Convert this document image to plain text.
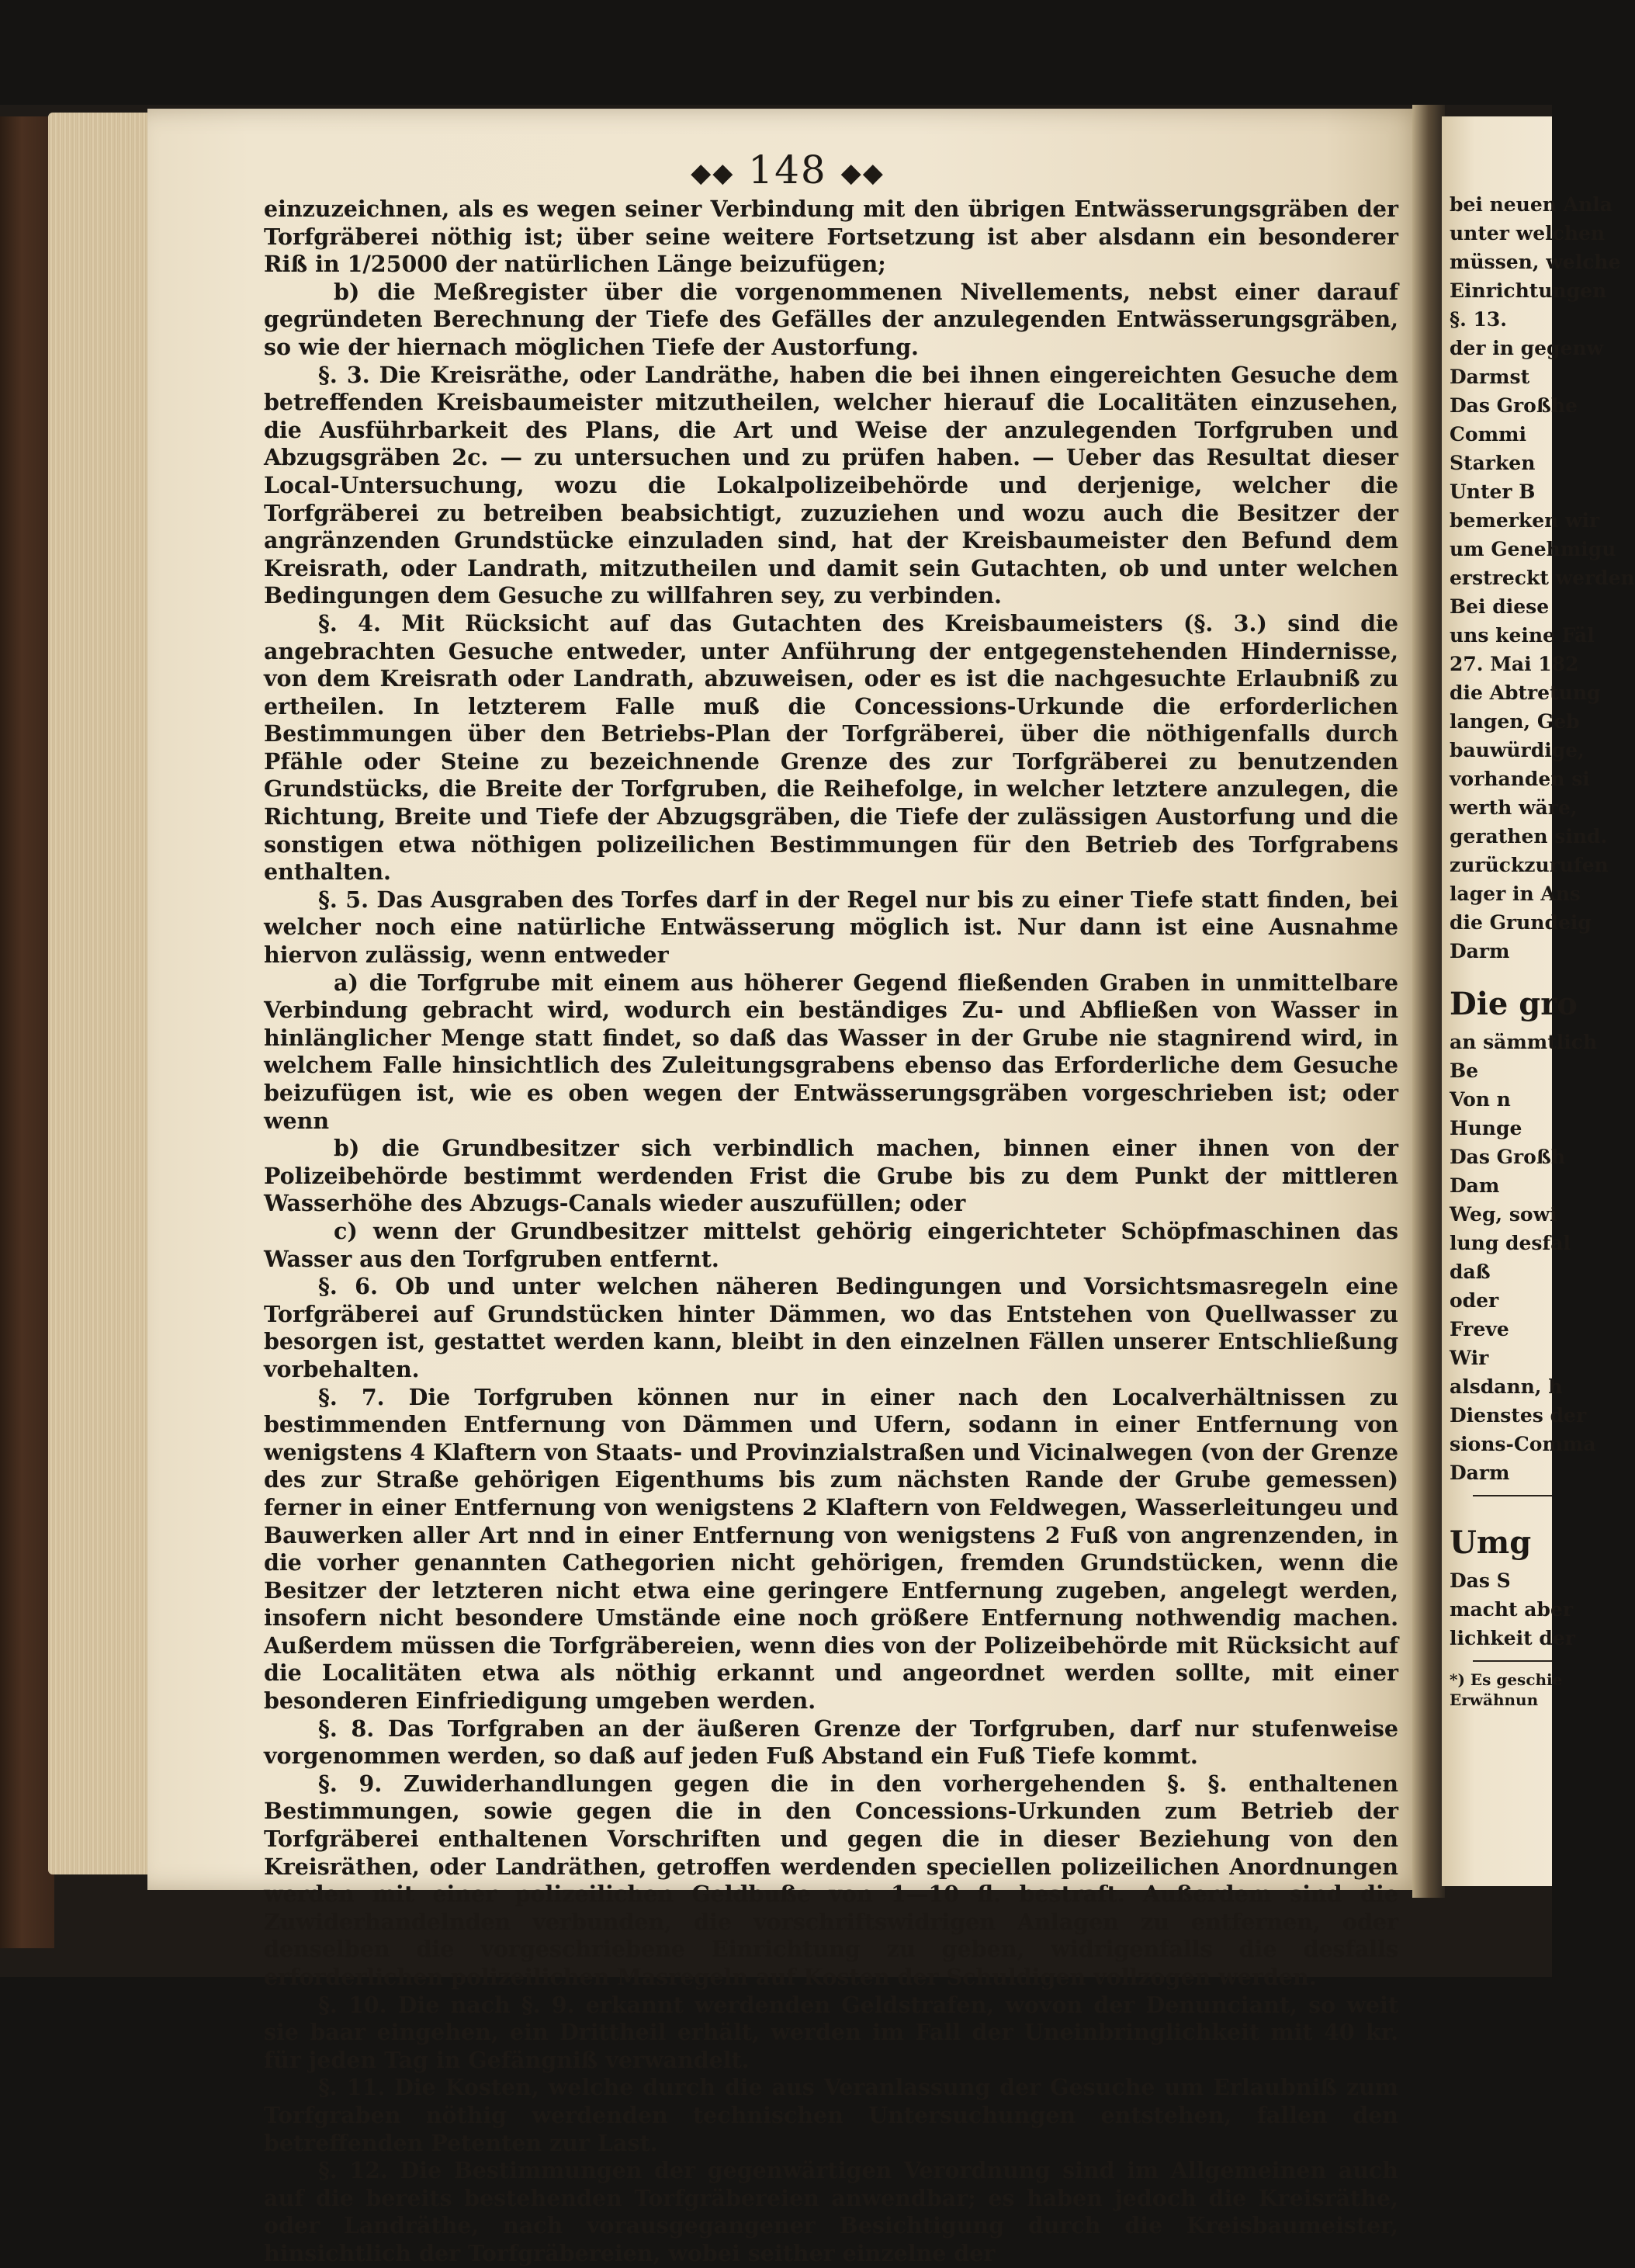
◆◆ 148 ◆◆

einzuzeichnen, als es wegen seiner Verbindung mit den übrigen Entwässerungsgräben der Torfgräberei nöthig ist; über seine weitere Fortsetzung ist aber alsdann ein besonderer Riß in 1/25000 der natürlichen Länge beizufügen;

b) die Meßregister über die vorgenommenen Nivellements, nebst einer darauf gegründeten Berechnung der Tiefe des Gefälles der anzulegenden Entwässerungsgräben, so wie der hiernach möglichen Tiefe der Austorfung.

§. 3. Die Kreisräthe, oder Landräthe, haben die bei ihnen eingereichten Gesuche dem betreffenden Kreisbaumeister mitzutheilen, welcher hierauf die Localitäten einzusehen, die Ausführbarkeit des Plans, die Art und Weise der anzulegenden Torfgruben und Abzugsgräben 2c. — zu untersuchen und zu prüfen haben. — Ueber das Resultat dieser Local-Untersuchung, wozu die Lokalpolizeibehörde und derjenige, welcher die Torfgräberei zu betreiben beabsichtigt, zuzuziehen und wozu auch die Besitzer der angränzenden Grundstücke einzuladen sind, hat der Kreisbaumeister den Befund dem Kreisrath, oder Landrath, mitzutheilen und damit sein Gutachten, ob und unter welchen Bedingungen dem Gesuche zu willfahren sey, zu verbinden.

§. 4. Mit Rücksicht auf das Gutachten des Kreisbaumeisters (§. 3.) sind die angebrachten Gesuche entweder, unter Anführung der entgegenstehenden Hindernisse, von dem Kreisrath oder Landrath, abzuweisen, oder es ist die nachgesuchte Erlaubniß zu ertheilen. In letzterem Falle muß die Concessions-Urkunde die erforderlichen Bestimmungen über den Betriebs-Plan der Torfgräberei, über die nöthigenfalls durch Pfähle oder Steine zu bezeichnende Grenze des zur Torfgräberei zu benutzenden Grundstücks, die Breite der Torfgruben, die Reihefolge, in welcher letztere anzulegen, die Richtung, Breite und Tiefe der Abzugsgräben, die Tiefe der zulässigen Austorfung und die sonstigen etwa nöthigen polizeilichen Bestimmungen für den Betrieb des Torfgrabens enthalten.

§. 5. Das Ausgraben des Torfes darf in der Regel nur bis zu einer Tiefe statt finden, bei welcher noch eine natürliche Entwässerung möglich ist. Nur dann ist eine Ausnahme hiervon zulässig, wenn entweder

a) die Torfgrube mit einem aus höherer Gegend fließenden Graben in unmittelbare Verbindung gebracht wird, wodurch ein beständiges Zu- und Abfließen von Wasser in hinlänglicher Menge statt findet, so daß das Wasser in der Grube nie stagnirend wird, in welchem Falle hinsichtlich des Zuleitungsgrabens ebenso das Erforderliche dem Gesuche beizufügen ist, wie es oben wegen der Entwässerungsgräben vorgeschrieben ist; oder wenn

b) die Grundbesitzer sich verbindlich machen, binnen einer ihnen von der Polizeibehörde bestimmt werdenden Frist die Grube bis zu dem Punkt der mittleren Wasserhöhe des Abzugs-Canals wieder auszufüllen; oder

c) wenn der Grundbesitzer mittelst gehörig eingerichteter Schöpfmaschinen das Wasser aus den Torfgruben entfernt.

§. 6. Ob und unter welchen näheren Bedingungen und Vorsichtsmasregeln eine Torfgräberei auf Grundstücken hinter Dämmen, wo das Entstehen von Quellwasser zu besorgen ist, gestattet werden kann, bleibt in den einzelnen Fällen unserer Entschließung vorbehalten.

§. 7. Die Torfgruben können nur in einer nach den Localverhältnissen zu bestimmenden Entfernung von Dämmen und Ufern, sodann in einer Entfernung von wenigstens 4 Klaftern von Staats- und Provinzialstraßen und Vicinalwegen (von der Grenze des zur Straße gehörigen Eigenthums bis zum nächsten Rande der Grube gemessen) ferner in einer Entfernung von wenigstens 2 Klaftern von Feldwegen, Wasserleitungeu und Bauwerken aller Art nnd in einer Entfernung von wenigstens 2 Fuß von angrenzenden, in die vorher genannten Cathegorien nicht gehörigen, fremden Grundstücken, wenn die Besitzer der letzteren nicht etwa eine geringere Entfernung zugeben, angelegt werden, insofern nicht besondere Umstände eine noch größere Entfernung nothwendig machen. Außerdem müssen die Torfgräbereien, wenn dies von der Polizeibehörde mit Rücksicht auf die Localitäten etwa als nöthig erkannt und angeordnet werden sollte, mit einer besonderen Einfriedigung umgeben werden.

§. 8. Das Torfgraben an der äußeren Grenze der Torfgruben, darf nur stufenweise vorgenommen werden, so daß auf jeden Fuß Abstand ein Fuß Tiefe kommt.

§. 9. Zuwiderhandlungen gegen die in den vorhergehenden §. §. enthaltenen Bestimmungen, sowie gegen die in den Concessions-Urkunden zum Betrieb der Torfgräberei enthaltenen Vorschriften und gegen die in dieser Beziehung von den Kreisräthen, oder Landräthen, getroffen werdenden speciellen polizeilichen Anordnungen werden mit einer polizeilichen Geldbuße von 1—10 fl. bestraft. Außerdem sind die Zuwiderhandelnden verbunden, die vorschriftswidrigen Anlagen zu entfernen, oder denselben die vorgeschriebene Einrichtung zu geben, widrigenfalls die desfalls erforderlichen polizeilichen Masregeln auf Kosten der Schuldigen vollzogen werden.

§. 10. Die nach §. 9. erkannt werdenden Geldstrafen, wovon der Denunciant, so weit sie baar eingehen, ein Drittheil erhält, werden im Fall der Uneinbringlichkeit mit 40 kr. für jeden Tag in Gefängniß verwandelt.

§. 11. Die Kosten, welche durch die aus Veranlassung der Gesuche um Erlaubniß zum Torfgraben nöthig werdenden technischen Untersuchungen entstehen, fallen den betreffenden Petenten zur Last.

§. 12. Die Bestimmungen der gegenwärtigen Verordnung sind im Allgemeinen auch auf die bereits bestehenden Torfgräbereien anwendbar; es haben jedoch die Kreisräthe, oder Landräthe, nach vorausgegangener Besichtigung durch die Kreisbaumeister, hinsichtlich der Torfgräbereien, wobei seither einzelne der

bei neuen Anla
unter welchen
müssen, welche
Einrichtungen
§. 13.
der in gegenw
Darmst
Das Großhe
Commi
Starken
Unter B
bemerken wir
um Genehmigu
erstreckt werden
Bei diese
uns keine Fäl
27. Mai 182
die Abtretung
langen, Geb
bauwürdige,
vorhanden si
werth wäre,
gerathen sind.
zurückzurufen
lager in Ans
die Grundeig
Darm
Die gro
an sämmtlich
Be
Von n
Hunge
Das Großh
Dam
Weg, sowi
lung desfal
daß
oder
Freve
Wir
alsdann, h
Dienstes der
sions-Comma
Darm
Umg
Das S
macht aber
lichkeit der
*) Es geschie
Erwähnun
